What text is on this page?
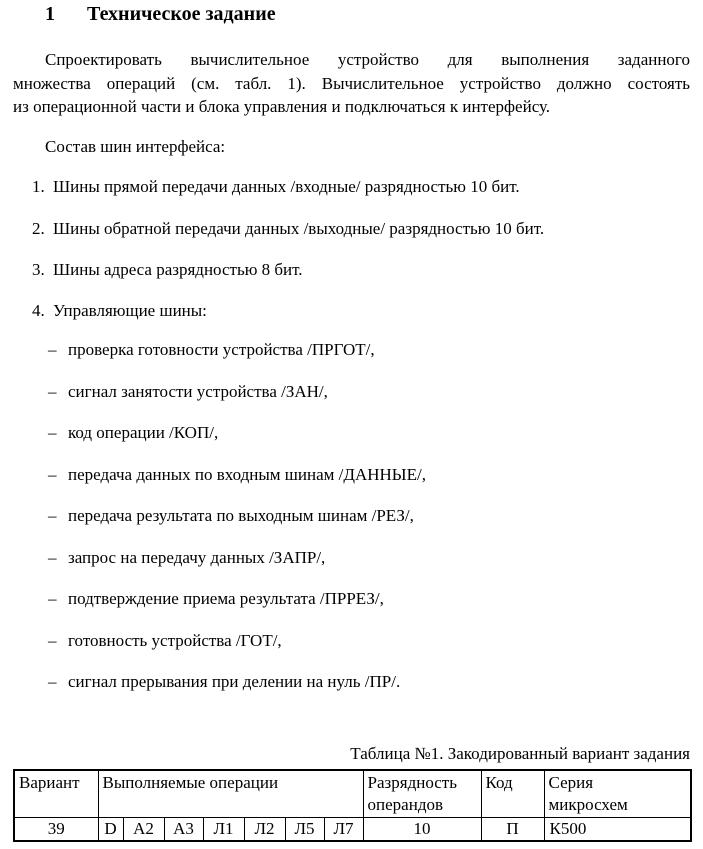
1 Техническое задание
Спроектировать вычислительное устройство для выполнения заданного
множества операций (см. табл. 1). Вычислительное устройство должно состоять
из операционной части и блока управления и подключаться к интерфейсу.
Состав шин интерфейса:
1. Шины прямой передачи данных /входные/ разрядностью 10 бит.
2. Шины обратной передачи данных /выходные/ разрядностью 10 бит.
3. Шины адреса разрядностью 8 бит.
4. Управляющие шины:
– проверка готовности устройства /ПРГОТ/,
– сигнал занятости устройства /ЗАН/,
– код операции /КОП/,
– передача данных по входным шинам /ДАННЫЕ/,
– передача результата по выходным шинам /РЕЗ/,
– запрос на передачу данных /ЗАПР/,
– подтверждение приема результата /ПРРЕЗ/,
– готовность устройства /ГОТ/,
– сигнал прерывания при делении на нуль /ПР/.
Таблица №1. Закодированный вариант задания
Вариант	Выполняемые операции							Разрядность операндов	Код	Серия микросхем

39	D	А2	А3	Л1	Л2	Л5	Л7	10	П	К500
